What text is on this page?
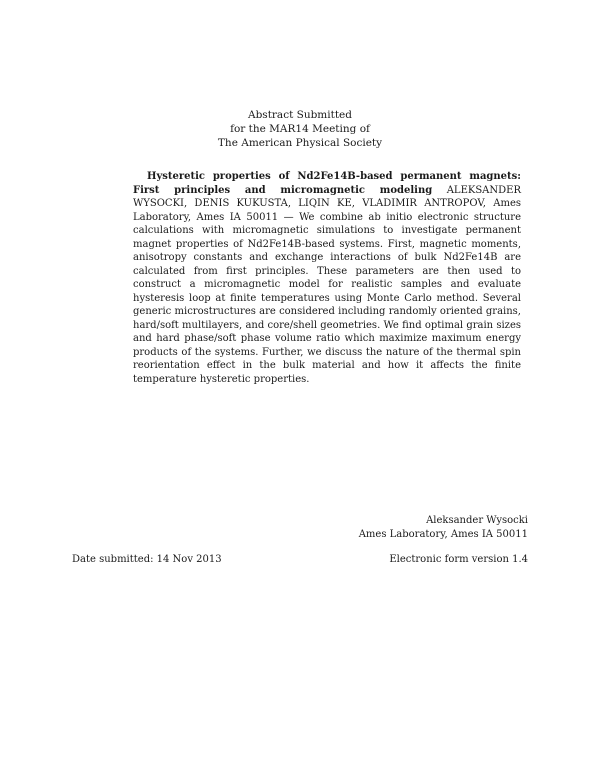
Abstract Submitted
for the MAR14 Meeting of
The American Physical Society
Hysteretic properties of Nd2Fe14B-based permanent magnets: First principles and micromagnetic modeling ALEKSANDER WYSOCKI, DENIS KUKUSTA, LIQIN KE, VLADIMIR ANTROPOV, Ames Laboratory, Ames IA 50011 — We combine ab initio electronic structure calculations with micromagnetic simulations to investigate permanent magnet properties of Nd2Fe14B-based systems. First, magnetic moments, anisotropy constants and exchange interactions of bulk Nd2Fe14B are calculated from first principles. These parameters are then used to construct a micromagnetic model for realistic samples and evaluate hysteresis loop at finite temperatures using Monte Carlo method. Several generic microstructures are considered including randomly oriented grains, hard/soft multilayers, and core/shell geometries. We find optimal grain sizes and hard phase/soft phase volume ratio which maximize maximum energy products of the systems. Further, we discuss the nature of the thermal spin reorientation effect in the bulk material and how it affects the finite temperature hysteretic properties.
Aleksander Wysocki
Ames Laboratory, Ames IA 50011
Date submitted: 14 Nov 2013	Electronic form version 1.4
